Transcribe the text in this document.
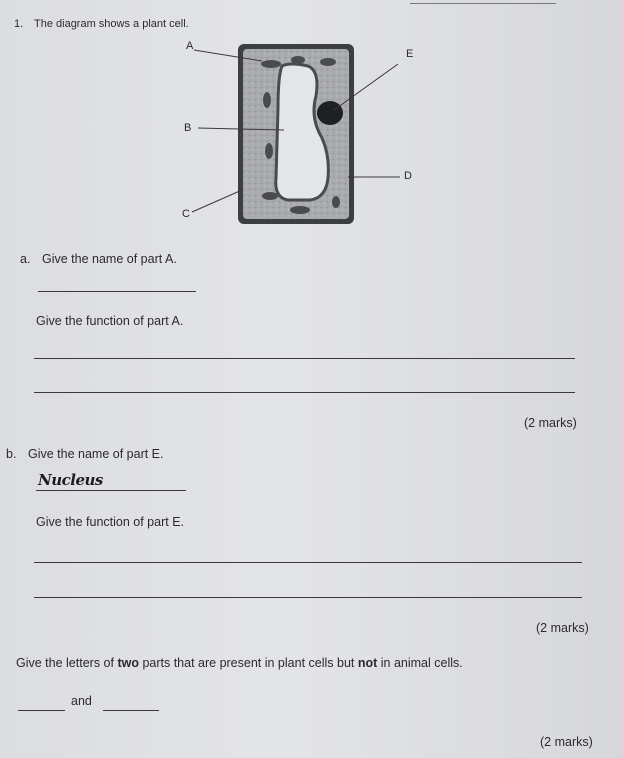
1. The diagram shows a plant cell.
A
E
B
D
C
a. Give the name of part A.
Give the function of part A.
(2 marks)
b. Give the name of part E.
Nucleus
Give the function of part E.
(2 marks)
Give the letters of two parts that are present in plant cells but not in animal cells.
and
(2 marks)
